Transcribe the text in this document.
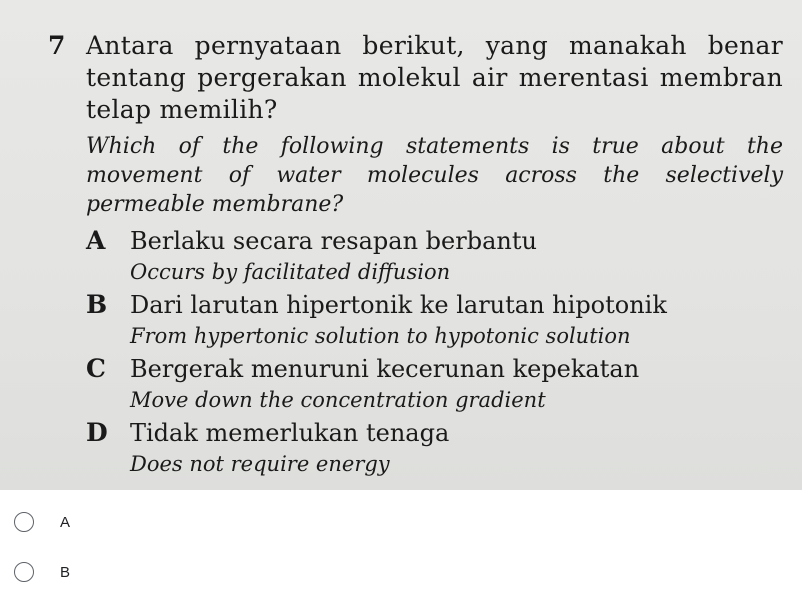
7 Antara pernyataan berikut, yang manakah benar tentang pergerakan molekul air merentasi membran telap memilih?
Which of the following statements is true about the movement of water molecules across the selectively permeable membrane?
A	Berlaku secara resapan berbantu
Occurs by facilitated diffusion
B Dari larutan hipertonik ke larutan hipotonik
From hypertonic solution to hypotonic solution
C	Bergerak menuruni kecerunan kepekatan
Move down the concentration gradient
D Tidak memerlukan tenaga
Does not require energy
A
B
